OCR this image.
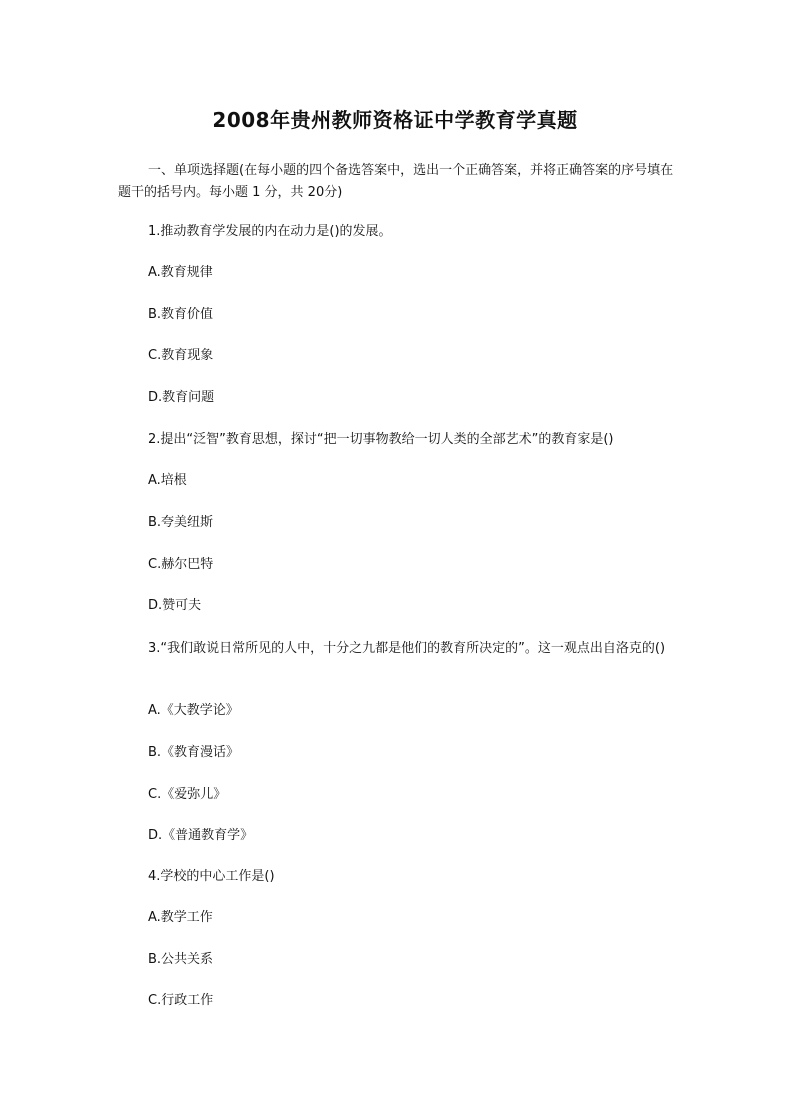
2008年贵州教师资格证中学教育学真题

一、单项选择题(在每小题的四个备选答案中，选出一个正确答案，并将正确答案的序号填在题干的括号内。每小题 1 分，共 20分)

1.推动教育学发展的内在动力是()的发展。
A.教育规律
B.教育价值
C.教育现象
D.教育问题
2.提出“泛智”教育思想，探讨“把一切事物教给一切人类的全部艺术”的教育家是()
A.培根
B.夸美纽斯
C.赫尔巴特
D.赞可夫

3.“我们敢说日常所见的人中，十分之九都是他们的教育所决定的”。这一观点出自洛克的()

A.《大教学论》
B.《教育漫话》
C.《爱弥儿》
D.《普通教育学》
4.学校的中心工作是()
A.教学工作
B.公共关系
C.行政工作
